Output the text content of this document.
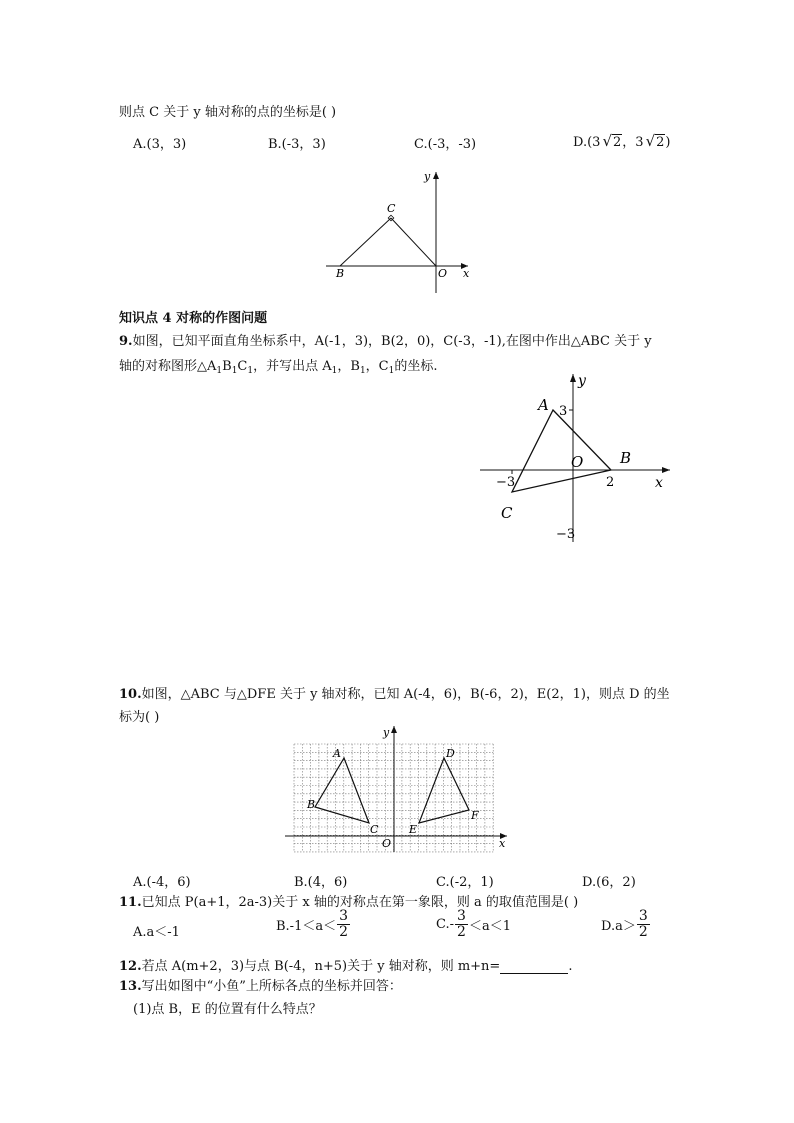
则点 C 关于 y 轴对称的点的坐标是( )
A.(3，3)	B.(-3，3)	C.(-3，-3)	D.(3 √2，3 √2)
y
x
C
B	O
知识点 4 对称的作图问题
9.如图，已知平面直角坐标系中，A(-1，3)，B(2，0)，C(-3，-1),在图中作出△ABC 关于 y
轴的对称图形$\triangle A_1B_1C_1$，并写出点 $A_1$，$B_1$，$C_1$的坐标.
A
B
C
O
y
x
3
−3
−3	2
10.如图，△ABC 与△DFE 关于 y 轴对称，已知 A(-4，6)，B(-6，2)，E(2，1)，则点 D 的坐
标为( )
A
B
C
D
E
F
O
y
x
A.(-4，6)	B.(4，6)	C.(-2，1)	D.(6，2)
11.已知点 P(a+1，2a-3)关于 x 轴的对称点在第一象限，则 a 的取值范围是( )
A.a＜-1	$B.-1<a< \frac{3}{2}$	$C.- \frac{3}{2} <a<1$	$D.a> \frac{3}{2}$
12.若点 A(m+2，3)与点 B(-4，n+5)关于 y 轴对称，则 m+n=	.
13.写出如图中“小鱼”上所标各点的坐标并回答：
(1)点 B，E 的位置有什么特点？
